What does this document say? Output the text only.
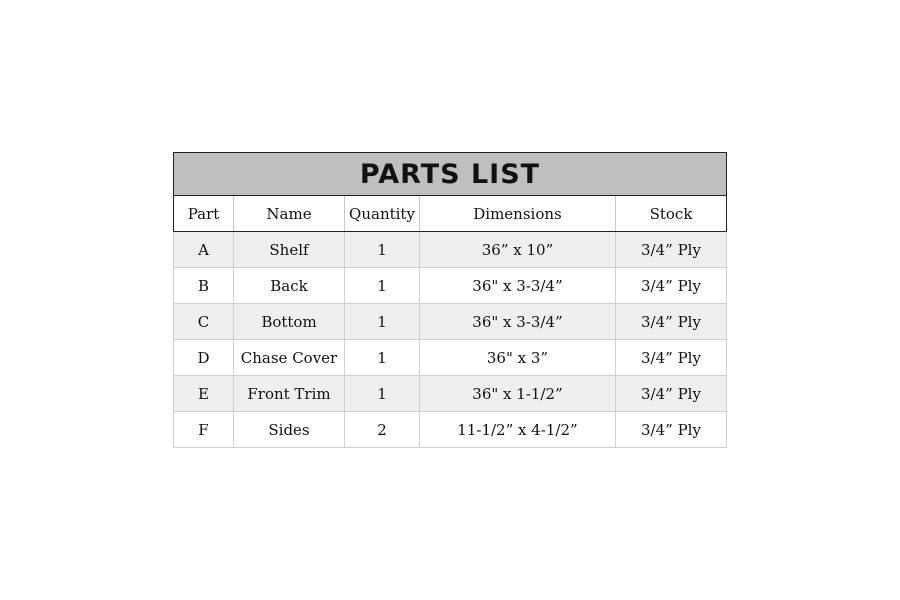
PARTS LIST				
Part	Name	Quantity	Dimensions	Stock
A	Shelf	1	36” x 10”	3/4” Ply
B	Back	1	36" x 3-3/4”	3/4” Ply
C	Bottom	1	36" x 3-3/4”	3/4” Ply
D	Chase Cover	1	36" x 3”	3/4” Ply
E	Front Trim	1	36" x 1-1/2”	3/4” Ply
F	Sides	2	11-1/2” x 4-1/2”	3/4” Ply
